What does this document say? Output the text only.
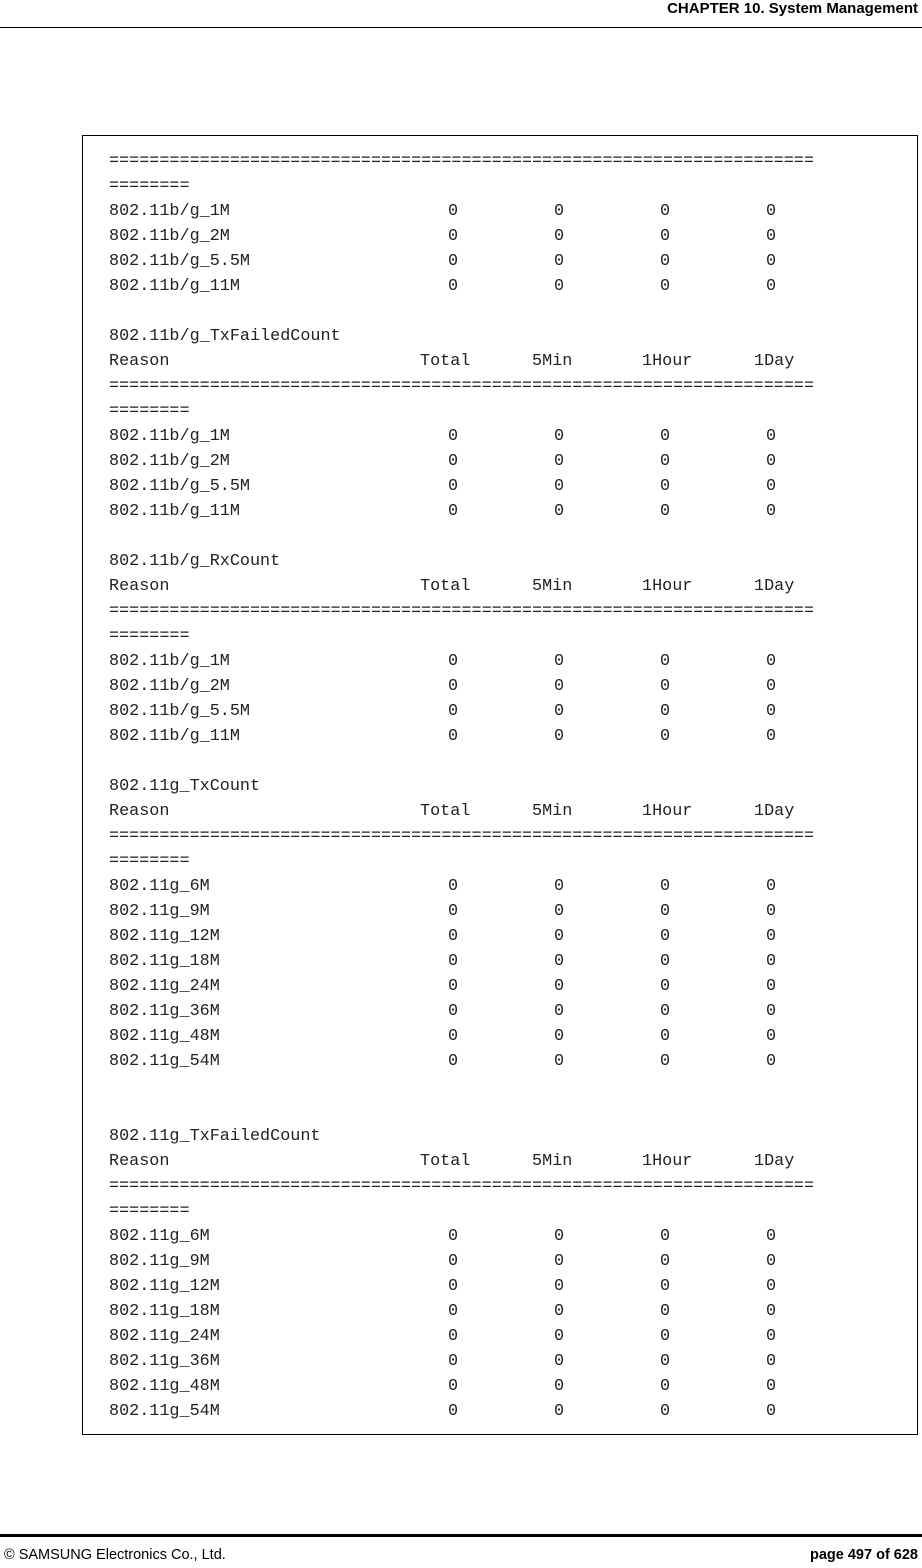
CHAPTER 10. System Management
======================================================================
========
802.11b/g_1M	0	0	0	0
802.11b/g_2M	0	0	0	0
802.11b/g_5.5M	0	0	0	0
802.11b/g_11M	0	0	0	0
802.11b/g_TxFailedCount
Reason	Total	5Min	1Hour	1Day
======================================================================
========
802.11b/g_1M	0	0	0	0
802.11b/g_2M	0	0	0	0
802.11b/g_5.5M	0	0	0	0
802.11b/g_11M	0	0	0	0
802.11b/g_RxCount
Reason	Total	5Min	1Hour	1Day
======================================================================
========
802.11b/g_1M	0	0	0	0
802.11b/g_2M	0	0	0	0
802.11b/g_5.5M	0	0	0	0
802.11b/g_11M	0	0	0	0
802.11g_TxCount
Reason	Total	5Min	1Hour	1Day
======================================================================
========
802.11g_6M	0	0	0	0
802.11g_9M	0	0	0	0
802.11g_12M	0	0	0	0
802.11g_18M	0	0	0	0
802.11g_24M	0	0	0	0
802.11g_36M	0	0	0	0
802.11g_48M	0	0	0	0
802.11g_54M	0	0	0	0
802.11g_TxFailedCount
Reason	Total	5Min	1Hour	1Day
======================================================================
========
802.11g_6M	0	0	0	0
802.11g_9M	0	0	0	0
802.11g_12M	0	0	0	0
802.11g_18M	0	0	0	0
802.11g_24M	0	0	0	0
802.11g_36M	0	0	0	0
802.11g_48M	0	0	0	0
802.11g_54M	0	0	0	0
© SAMSUNG Electronics Co., Ltd.	page 497 of 628
